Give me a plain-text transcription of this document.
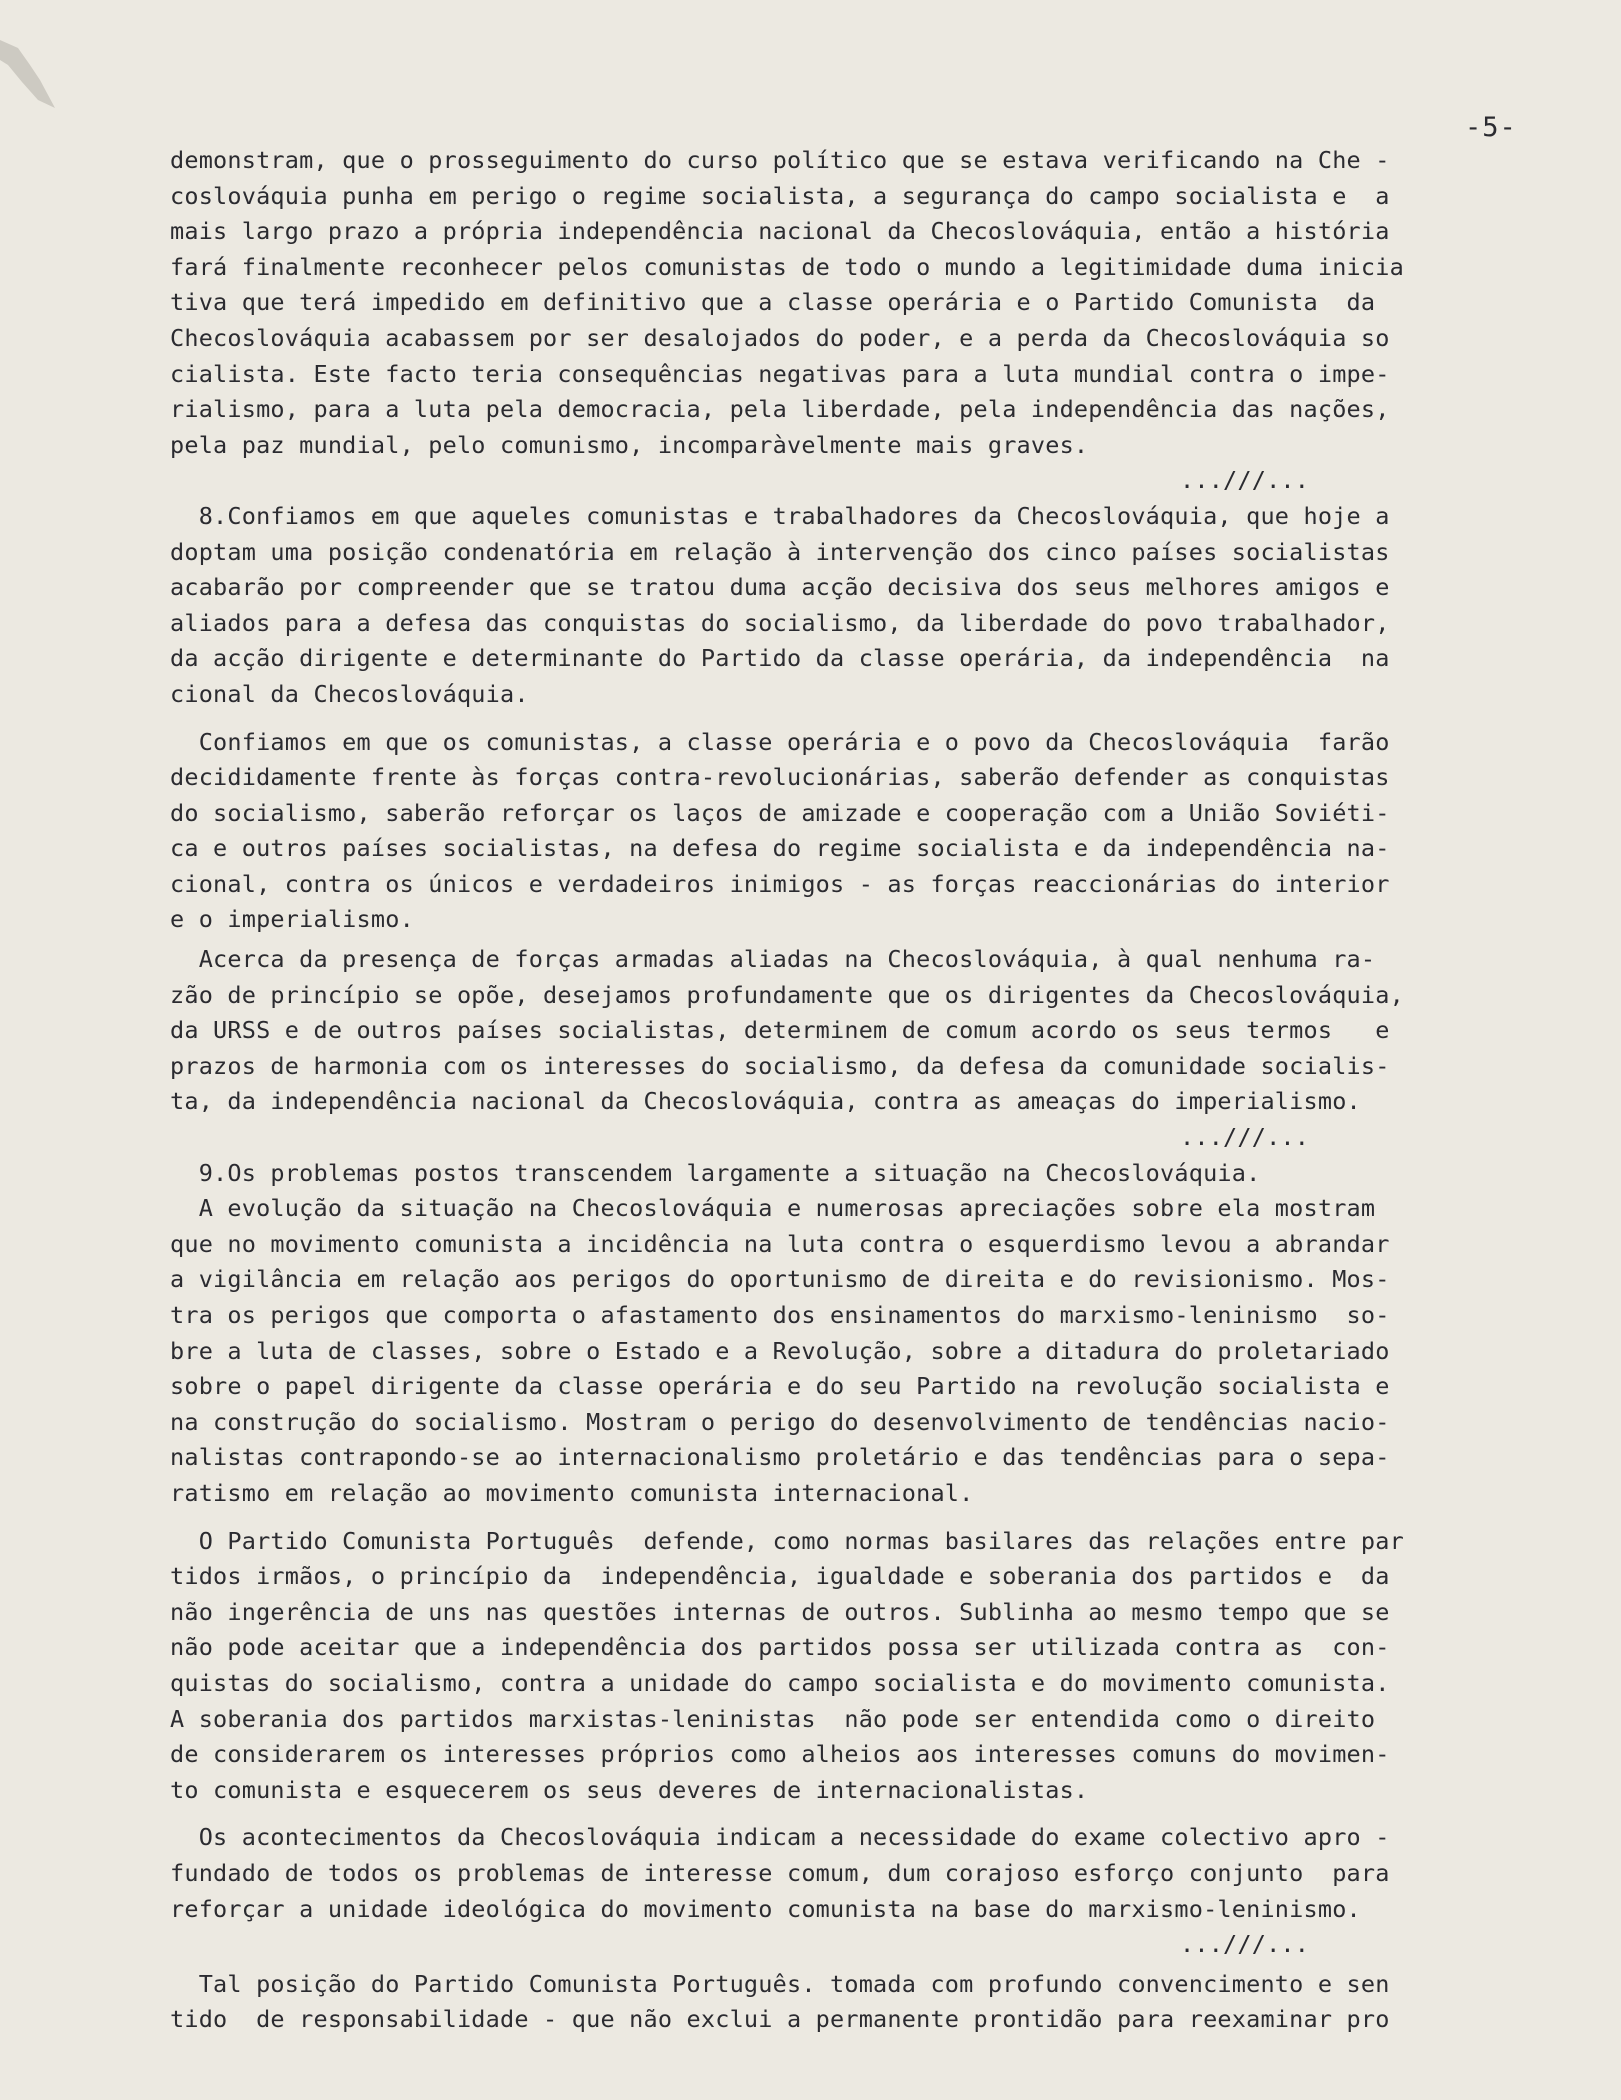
-5-
demonstram, que o prosseguimento do curso político que se estava verificando na Che -
coslováquia punha em perigo o regime socialista, a segurança do campo socialista e  a
mais largo prazo a própria independência nacional da Checoslováquia, então a história
fará finalmente reconhecer pelos comunistas de todo o mundo a legitimidade duma inicia
tiva que terá impedido em definitivo que a classe operária e o Partido Comunista  da
Checoslováquia acabassem por ser desalojados do poder, e a perda da Checoslováquia so
cialista. Este facto teria consequências negativas para a luta mundial contra o impe-
rialismo, para a luta pela democracia, pela liberdade, pela independência das nações,
pela paz mundial, pelo comunismo, incomparàvelmente mais graves.
...///...
8.Confiamos em que aqueles comunistas e trabalhadores da Checoslováquia, que hoje a
doptam uma posição condenatória em relação à intervenção dos cinco países socialistas
acabarão por compreender que se tratou duma acção decisiva dos seus melhores amigos e
aliados para a defesa das conquistas do socialismo, da liberdade do povo trabalhador,
da acção dirigente e determinante do Partido da classe operária, da independência  na
cional da Checoslováquia.
Confiamos em que os comunistas, a classe operária e o povo da Checoslováquia  farão
decididamente frente às forças contra-revolucionárias, saberão defender as conquistas
do socialismo, saberão reforçar os laços de amizade e cooperação com a União Soviéti-
ca e outros países socialistas, na defesa do regime socialista e da independência na-
cional, contra os únicos e verdadeiros inimigos - as forças reaccionárias do interior
e o imperialismo.
Acerca da presença de forças armadas aliadas na Checoslováquia, à qual nenhuma ra-
zão de princípio se opõe, desejamos profundamente que os dirigentes da Checoslováquia,
da URSS e de outros países socialistas, determinem de comum acordo os seus termos   e
prazos de harmonia com os interesses do socialismo, da defesa da comunidade socialis-
ta, da independência nacional da Checoslováquia, contra as ameaças do imperialismo.
...///...
9.Os problemas postos transcendem largamente a situação na Checoslováquia.
A evolução da situação na Checoslováquia e numerosas apreciações sobre ela mostram
que no movimento comunista a incidência na luta contra o esquerdismo levou a abrandar
a vigilância em relação aos perigos do oportunismo de direita e do revisionismo. Mos-
tra os perigos que comporta o afastamento dos ensinamentos do marxismo-leninismo  so-
bre a luta de classes, sobre o Estado e a Revolução, sobre a ditadura do proletariado
sobre o papel dirigente da classe operária e do seu Partido na revolução socialista e
na construção do socialismo. Mostram o perigo do desenvolvimento de tendências nacio-
nalistas contrapondo-se ao internacionalismo proletário e das tendências para o sepa-
ratismo em relação ao movimento comunista internacional.
O Partido Comunista Português  defende, como normas basilares das relações entre par
tidos irmãos, o princípio da  independência, igualdade e soberania dos partidos e  da
não ingerência de uns nas questões internas de outros. Sublinha ao mesmo tempo que se
não pode aceitar que a independência dos partidos possa ser utilizada contra as  con-
quistas do socialismo, contra a unidade do campo socialista e do movimento comunista.
A soberania dos partidos marxistas-leninistas  não pode ser entendida como o direito
de considerarem os interesses próprios como alheios aos interesses comuns do movimen-
to comunista e esquecerem os seus deveres de internacionalistas.
Os acontecimentos da Checoslováquia indicam a necessidade do exame colectivo apro -
fundado de todos os problemas de interesse comum, dum corajoso esforço conjunto  para
reforçar a unidade ideológica do movimento comunista na base do marxismo-leninismo.
...///...
Tal posição do Partido Comunista Português. tomada com profundo convencimento e sen
tido  de responsabilidade - que não exclui a permanente prontidão para reexaminar pro
